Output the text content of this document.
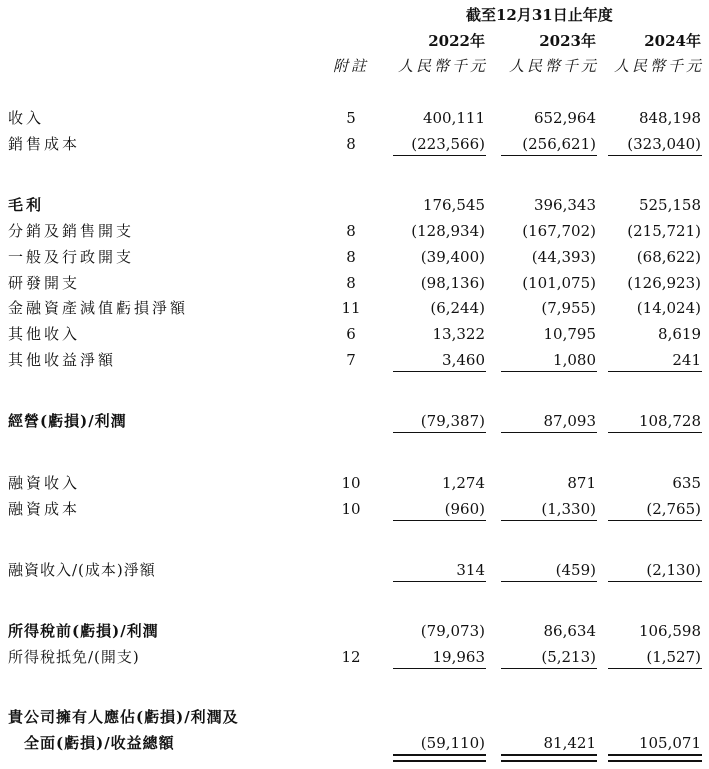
截至12月31日止年度
2022年	2023年	2024年
附註	人民幣千元 人民幣千元 人民幣千元
收入	5	400,111	652,964	848,198
銷售成本	8	(223,566) (256,621) (323,040)
毛利	176,545	396,343	525,158
分銷及銷售開支	8	(128,934) (167,702) (215,721)
一般及行政開支	8	(39,400)	(44,393)	(68,622)
研發開支	8	(98,136) (101,075) (126,923)
金融資產減值虧損淨額	11	(6,244)	(7,955)	(14,024)
其他收入	6	13,322	10,795	8,619
其他收益淨額	7	3,460	1,080	241
經營(虧損)/利潤	(79,387)	87,093	108,728
融資收入	10	1,274	871	635
融資成本	10	(960)	(1,330)	(2,765)
融資收入/(成本)淨額	314	(459)	(2,130)
所得稅前(虧損)/利潤	(79,073)	86,634	106,598
所得稅抵免/(開支)	12	19,963	(5,213)	(1,527)
貴公司擁有人應佔(虧損)/利潤及
全面(虧損)/收益總額	(59,110)	81,421	105,071
